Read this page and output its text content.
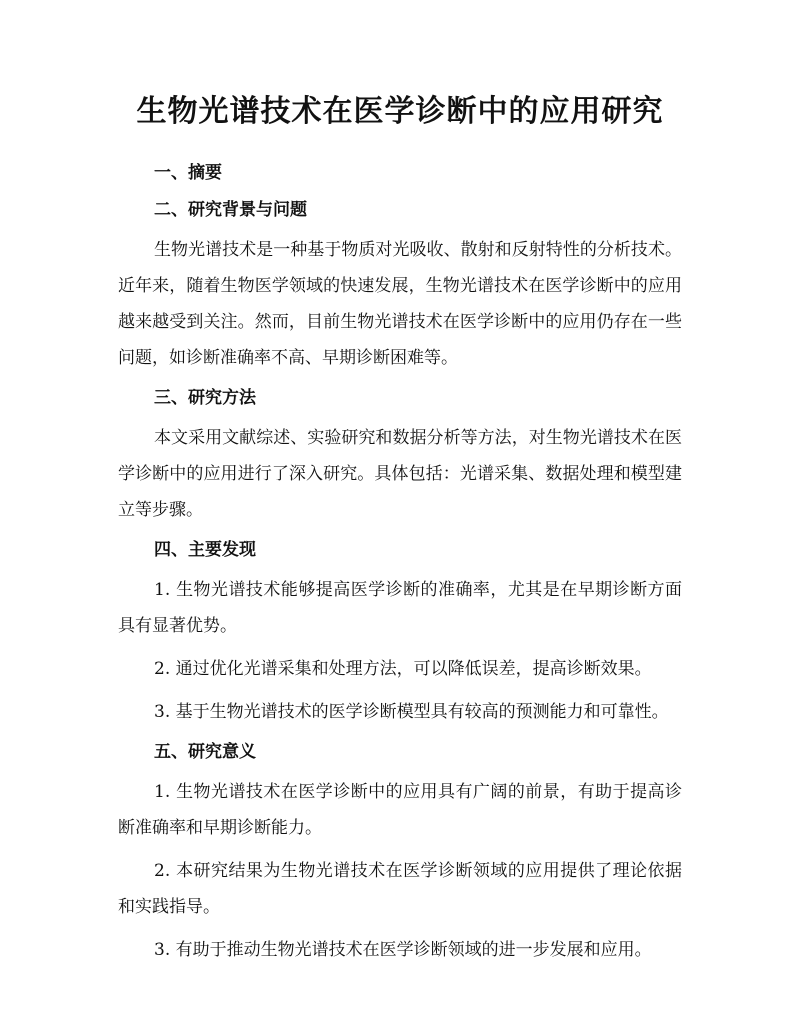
生物光谱技术在医学诊断中的应用研究
一、摘要
二、研究背景与问题

生物光谱技术是一种基于物质对光吸收、散射和反射特性的分析技术。近年来，随着生物医学领域的快速发展，生物光谱技术在医学诊断中的应用越来越受到关注。然而，目前生物光谱技术在医学诊断中的应用仍存在一些问题，如诊断准确率不高、早期诊断困难等。

三、研究方法

本文采用文献综述、实验研究和数据分析等方法，对生物光谱技术在医学诊断中的应用进行了深入研究。具体包括：光谱采集、数据处理和模型建立等步骤。

四、主要发现

1. 生物光谱技术能够提高医学诊断的准确率，尤其是在早期诊断方面具有显著优势。

2. 通过优化光谱采集和处理方法，可以降低误差，提高诊断效果。

3. 基于生物光谱技术的医学诊断模型具有较高的预测能力和可靠性。

五、研究意义

1. 生物光谱技术在医学诊断中的应用具有广阔的前景，有助于提高诊断准确率和早期诊断能力。

2. 本研究结果为生物光谱技术在医学诊断领域的应用提供了理论依据和实践指导。

3. 有助于推动生物光谱技术在医学诊断领域的进一步发展和应用。
